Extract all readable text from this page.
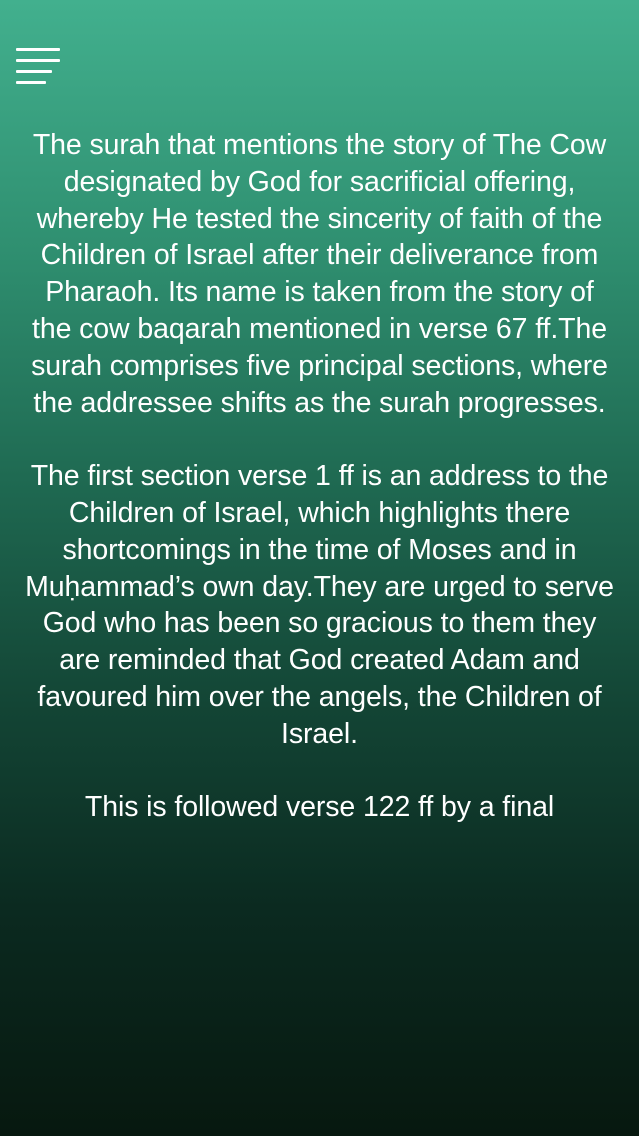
The surah that mentions the story of The Cow designated by God for sacrificial offering, whereby He tested the sincerity of faith of the Children of Israel after their deliverance from Pharaoh. Its name is taken from the story of the cow baqarah mentioned in verse 67 ff.The surah comprises five principal sections, where the addressee shifts as the surah progresses.

The first section verse 1 ff is an address to the Children of Israel, which highlights there shortcomings in the time of Moses and in Muḥammad’s own day.They are urged to serve God who has been so gracious to them they are reminded that God created Adam and favoured him over the angels, the Children of Israel.

This is followed verse 122 ff by a final
